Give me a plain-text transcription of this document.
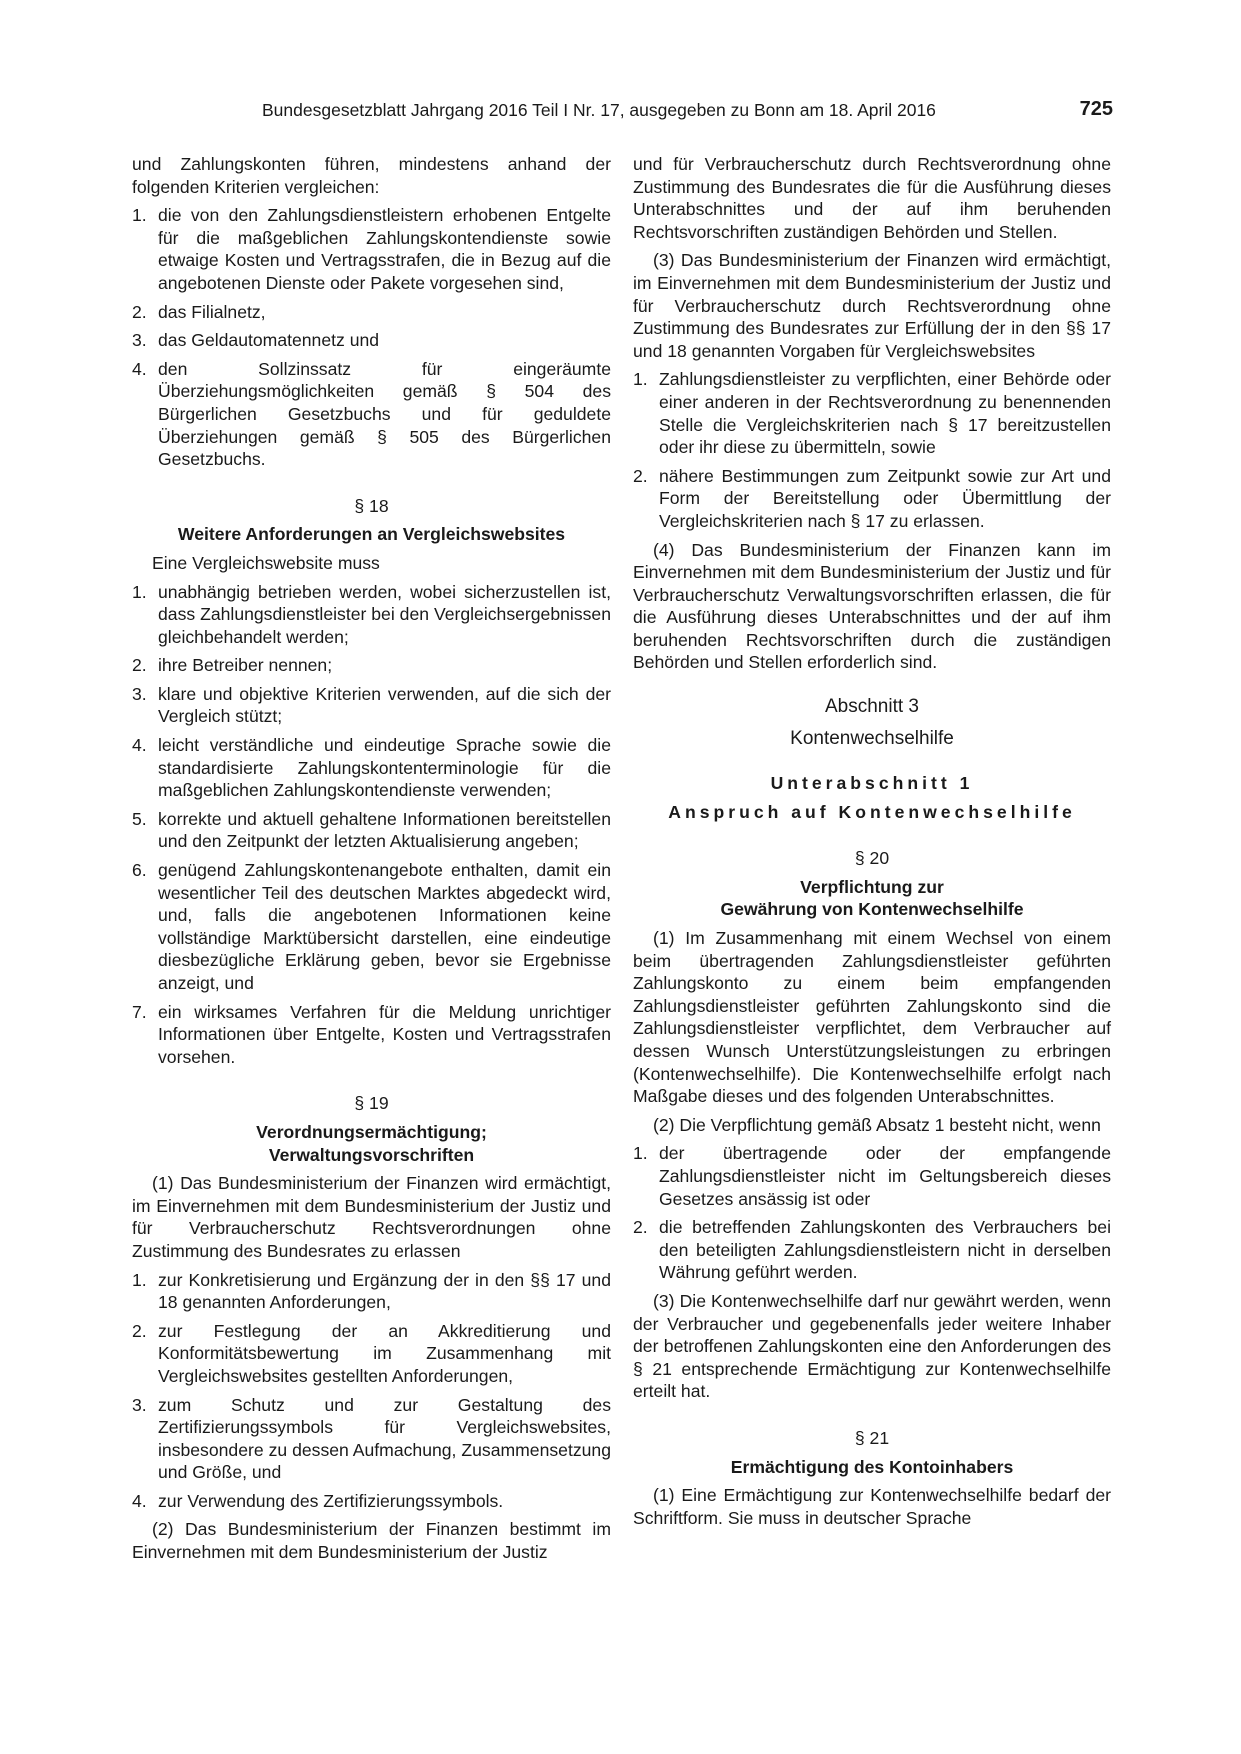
Bundesgesetzblatt Jahrgang 2016 Teil I Nr. 17, ausgegeben zu Bonn am 18. April 2016	725

und Zahlungskonten führen, mindestens anhand der folgenden Kriterien vergleichen:

1. die von den Zahlungsdienstleistern erhobenen Entgelte für die maßgeblichen Zahlungskontendienste sowie etwaige Kosten und Vertragsstrafen, die in Bezug auf die angebotenen Dienste oder Pakete vorgesehen sind,
2. das Filialnetz,
3. das Geldautomatennetz und
4. den Sollzinssatz für eingeräumte Überziehungsmöglichkeiten gemäß § 504 des Bürgerlichen Gesetzbuchs und für geduldete Überziehungen gemäß § 505 des Bürgerlichen Gesetzbuchs.
§ 18
Weitere Anforderungen an Vergleichswebsites

Eine Vergleichswebsite muss

1. unabhängig betrieben werden, wobei sicherzustellen ist, dass Zahlungsdienstleister bei den Vergleichsergebnissen gleichbehandelt werden;
2. ihre Betreiber nennen;
3. klare und objektive Kriterien verwenden, auf die sich der Vergleich stützt;
4. leicht verständliche und eindeutige Sprache sowie die standardisierte Zahlungskontenterminologie für die maßgeblichen Zahlungskontendienste verwenden;
5. korrekte und aktuell gehaltene Informationen bereitstellen und den Zeitpunkt der letzten Aktualisierung angeben;
6. genügend Zahlungskontenangebote enthalten, damit ein wesentlicher Teil des deutschen Marktes abgedeckt wird, und, falls die angebotenen Informationen keine vollständige Marktübersicht darstellen, eine eindeutige diesbezügliche Erklärung geben, bevor sie Ergebnisse anzeigt, und
7. ein wirksames Verfahren für die Meldung unrichtiger Informationen über Entgelte, Kosten und Vertragsstrafen vorsehen.
§ 19
Verordnungsermächtigung;
Verwaltungsvorschriften

(1) Das Bundesministerium der Finanzen wird ermächtigt, im Einvernehmen mit dem Bundesministerium der Justiz und für Verbraucherschutz Rechtsverordnungen ohne Zustimmung des Bundesrates zu erlassen

1. zur Konkretisierung und Ergänzung der in den §§ 17 und 18 genannten Anforderungen,
2. zur Festlegung der an Akkreditierung und Konformitätsbewertung im Zusammenhang mit Vergleichswebsites gestellten Anforderungen,
3. zum Schutz und zur Gestaltung des Zertifizierungssymbols für Vergleichswebsites, insbesondere zu dessen Aufmachung, Zusammensetzung und Größe, und
4. zur Verwendung des Zertifizierungssymbols.

(2) Das Bundesministerium der Finanzen bestimmt im Einvernehmen mit dem Bundesministerium der Justiz

und für Verbraucherschutz durch Rechtsverordnung ohne Zustimmung des Bundesrates die für die Ausführung dieses Unterabschnittes und der auf ihm beruhenden Rechtsvorschriften zuständigen Behörden und Stellen.

(3) Das Bundesministerium der Finanzen wird ermächtigt, im Einvernehmen mit dem Bundesministerium der Justiz und für Verbraucherschutz durch Rechtsverordnung ohne Zustimmung des Bundesrates zur Erfüllung der in den §§ 17 und 18 genannten Vorgaben für Vergleichswebsites

1. Zahlungsdienstleister zu verpflichten, einer Behörde oder einer anderen in der Rechtsverordnung zu benennenden Stelle die Vergleichskriterien nach § 17 bereitzustellen oder ihr diese zu übermitteln, sowie
2. nähere Bestimmungen zum Zeitpunkt sowie zur Art und Form der Bereitstellung oder Übermittlung der Vergleichskriterien nach § 17 zu erlassen.

(4) Das Bundesministerium der Finanzen kann im Einvernehmen mit dem Bundesministerium der Justiz und für Verbraucherschutz Verwaltungsvorschriften erlassen, die für die Ausführung dieses Unterabschnittes und der auf ihm beruhenden Rechtsvorschriften durch die zuständigen Behörden und Stellen erforderlich sind.

Abschnitt 3
Kontenwechselhilfe
Unterabschnitt 1
Anspruch auf Kontenwechselhilfe
§ 20
Verpflichtung zur
Gewährung von Kontenwechselhilfe

(1) Im Zusammenhang mit einem Wechsel von einem beim übertragenden Zahlungsdienstleister geführten Zahlungskonto zu einem beim empfangenden Zahlungsdienstleister geführten Zahlungskonto sind die Zahlungsdienstleister verpflichtet, dem Verbraucher auf dessen Wunsch Unterstützungsleistungen zu erbringen (Kontenwechselhilfe). Die Kontenwechselhilfe erfolgt nach Maßgabe dieses und des folgenden Unterabschnittes.

(2) Die Verpflichtung gemäß Absatz 1 besteht nicht, wenn

1. der übertragende oder der empfangende Zahlungsdienstleister nicht im Geltungsbereich dieses Gesetzes ansässig ist oder
2. die betreffenden Zahlungskonten des Verbrauchers bei den beteiligten Zahlungsdienstleistern nicht in derselben Währung geführt werden.

(3) Die Kontenwechselhilfe darf nur gewährt werden, wenn der Verbraucher und gegebenenfalls jeder weitere Inhaber der betroffenen Zahlungskonten eine den Anforderungen des § 21 entsprechende Ermächtigung zur Kontenwechselhilfe erteilt hat.

§ 21
Ermächtigung des Kontoinhabers

(1) Eine Ermächtigung zur Kontenwechselhilfe bedarf der Schriftform. Sie muss in deutscher Sprache
